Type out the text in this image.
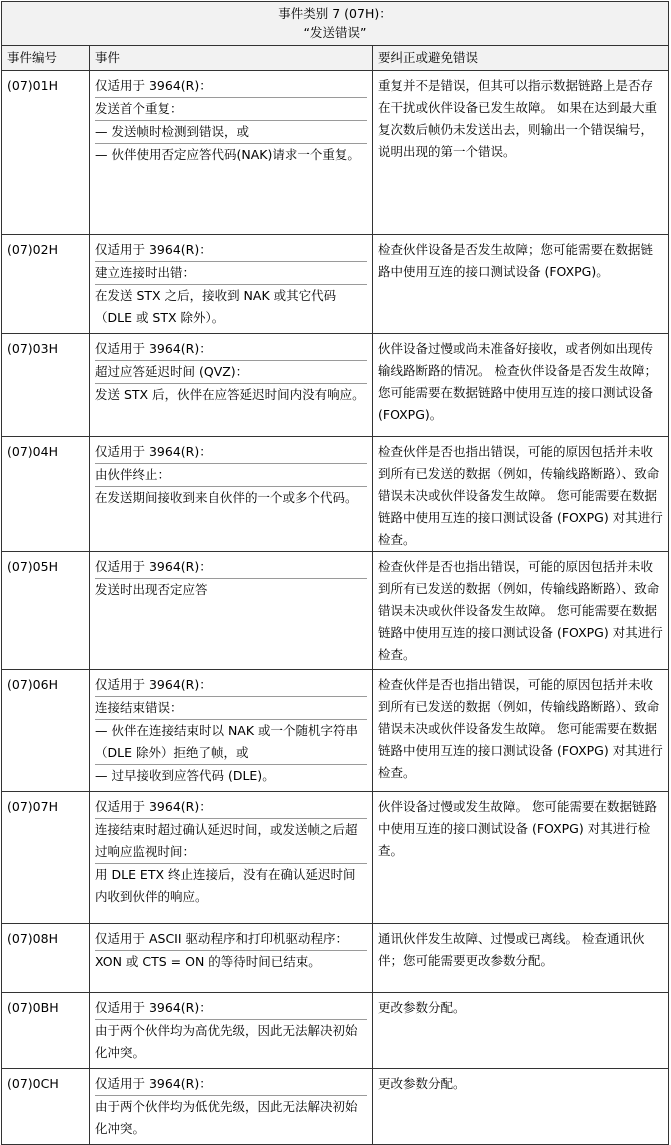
事件类别 7 (07H)：
“发送错误”		

事件编号	事件	要纠正或避免错误
(07)01H	仅适用于 3964(R)：
发送首个重复：
— 发送帧时检测到错误，或
— 伙伴使用否定应答代码(NAK)请求一个重复。	重复并不是错误，但其可以指示数据链路上是否存在干扰或伙伴设备已发生故障。 如果在达到最大重复次数后帧仍未发送出去，则输出一个错误编号，说明出现的第一个错误。
(07)02H	仅适用于 3964(R)：
建立连接时出错：
在发送 STX 之后，接收到 NAK 或其它代码（DLE 或 STX 除外）。	检查伙伴设备是否发生故障；您可能需要在数据链路中使用互连的接口测试设备 (FOXPG)。
(07)03H	仅适用于 3964(R)：
超过应答延迟时间 (QVZ)：
发送 STX 后，伙伴在应答延迟时间内没有响应。	伙伴设备过慢或尚未准备好接收，或者例如出现传输线路断路的情况。 检查伙伴设备是否发生故障；您可能需要在数据链路中使用互连的接口测试设备 (FOXPG)。
(07)04H	仅适用于 3964(R)：
由伙伴终止：
在发送期间接收到来自伙伴的一个或多个代码。	检查伙伴是否也指出错误，可能的原因包括并未收到所有已发送的数据（例如，传输线路断路）、致命错误未决或伙伴设备发生故障。 您可能需要在数据链路中使用互连的接口测试设备 (FOXPG) 对其进行检查。
(07)05H	仅适用于 3964(R)：
发送时出现否定应答	检查伙伴是否也指出错误，可能的原因包括并未收到所有已发送的数据（例如，传输线路断路）、致命错误未决或伙伴设备发生故障。 您可能需要在数据链路中使用互连的接口测试设备 (FOXPG) 对其进行检查。
(07)06H	仅适用于 3964(R)：
连接结束错误：
— 伙伴在连接结束时以 NAK 或一个随机字符串（DLE 除外）拒绝了帧，或
— 过早接收到应答代码 (DLE)。	检查伙伴是否也指出错误，可能的原因包括并未收到所有已发送的数据（例如，传输线路断路）、致命错误未决或伙伴设备发生故障。 您可能需要在数据链路中使用互连的接口测试设备 (FOXPG) 对其进行检查。
(07)07H	仅适用于 3964(R)：
连接结束时超过确认延迟时间，或发送帧之后超过响应监视时间：
用 DLE ETX 终止连接后，没有在确认延迟时间内收到伙伴的响应。	伙伴设备过慢或发生故障。 您可能需要在数据链路中使用互连的接口测试设备 (FOXPG) 对其进行检查。
(07)08H	仅适用于 ASCII 驱动程序和打印机驱动程序：
XON 或 CTS = ON 的等待时间已结束。	通讯伙伴发生故障、过慢或已离线。 检查通讯伙伴；您可能需要更改参数分配。
(07)0BH	仅适用于 3964(R)：
由于两个伙伴均为高优先级，因此无法解决初始化冲突。	更改参数分配。
(07)0CH	仅适用于 3964(R)：
由于两个伙伴均为低优先级，因此无法解决初始化冲突。	更改参数分配。
